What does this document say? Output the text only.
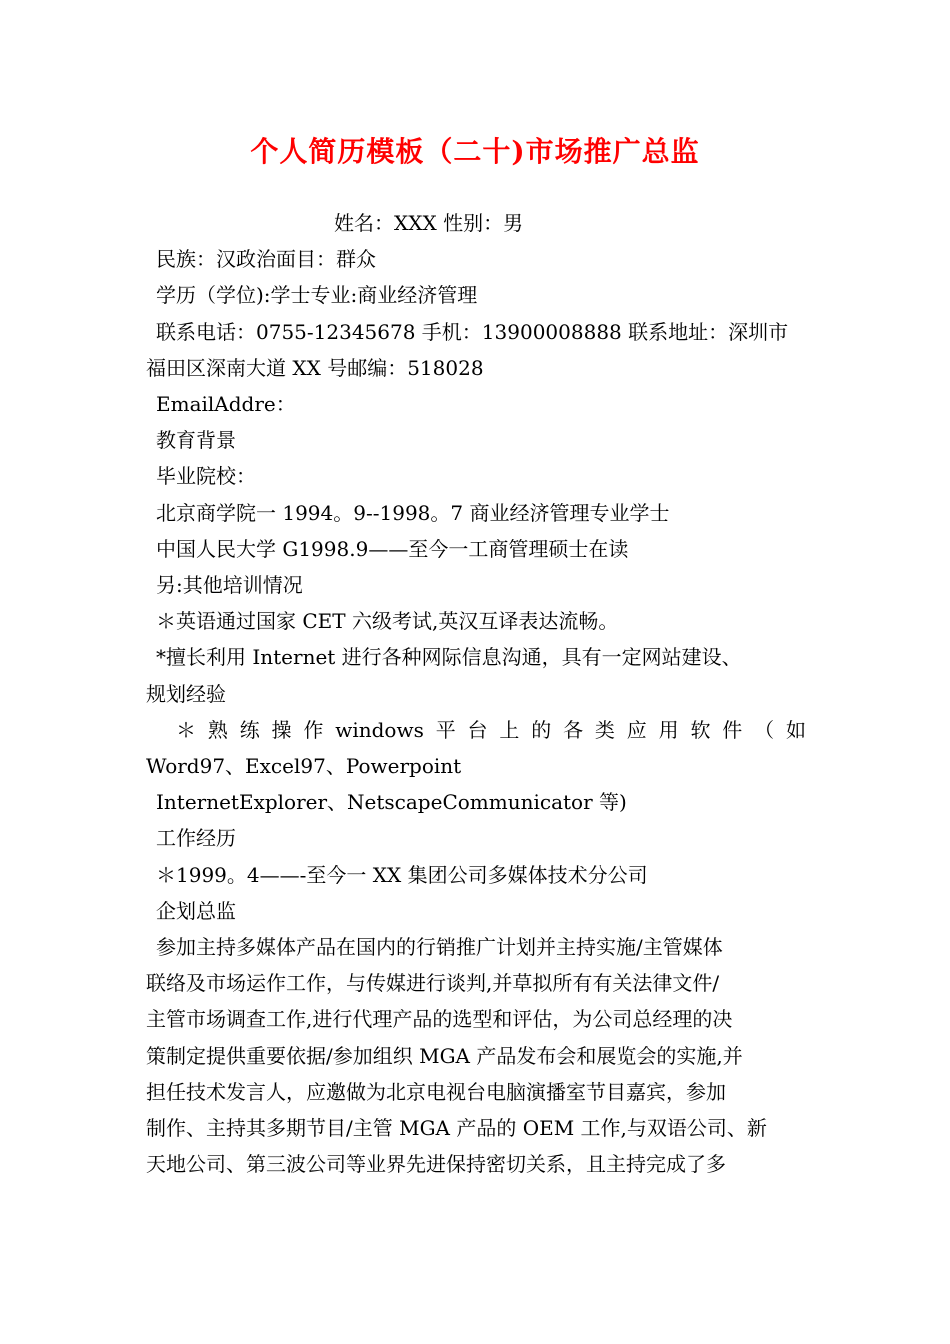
个人简历模板（二十)市场推广总监
姓名：XXX 性别：男
民族：汉政治面目：群众
学历（学位):学士专业:商业经济管理
联系电话：0755-12345678 手机：13900008888 联系地址：深圳市
福田区深南大道 XX 号邮编：518028
EmailAddre：
教育背景
毕业院校：
北京商学院一 1994。9--1998。7 商业经济管理专业学士
中国人民大学 G1998.9——至今一工商管理硕士在读
另:其他培训情况
＊英语通过国家 CET 六级考试,英汉互译表达流畅。
*擅长利用 Internet 进行各种网际信息沟通，具有一定网站建设、
规划经验
＊ 熟 练 操 作 windows 平 台 上 的 各 类 应 用 软 件 （ 如
Word97、Excel97、Powerpoint
InternetExplorer、NetscapeCommunicator 等)
工作经历
＊1999。4——-至今一 XX 集团公司多媒体技术分公司
企划总监
参加主持多媒体产品在国内的行销推广计划并主持实施/主管媒体
联络及市场运作工作，与传媒进行谈判,并草拟所有有关法律文件/
主管市场调查工作,进行代理产品的选型和评估，为公司总经理的决
策制定提供重要依据/参加组织 MGA 产品发布会和展览会的实施,并
担任技术发言人，应邀做为北京电视台电脑演播室节目嘉宾，参加
制作、主持其多期节目/主管 MGA 产品的 OEM 工作,与双语公司、新
天地公司、第三波公司等业界先进保持密切关系，且主持完成了多
